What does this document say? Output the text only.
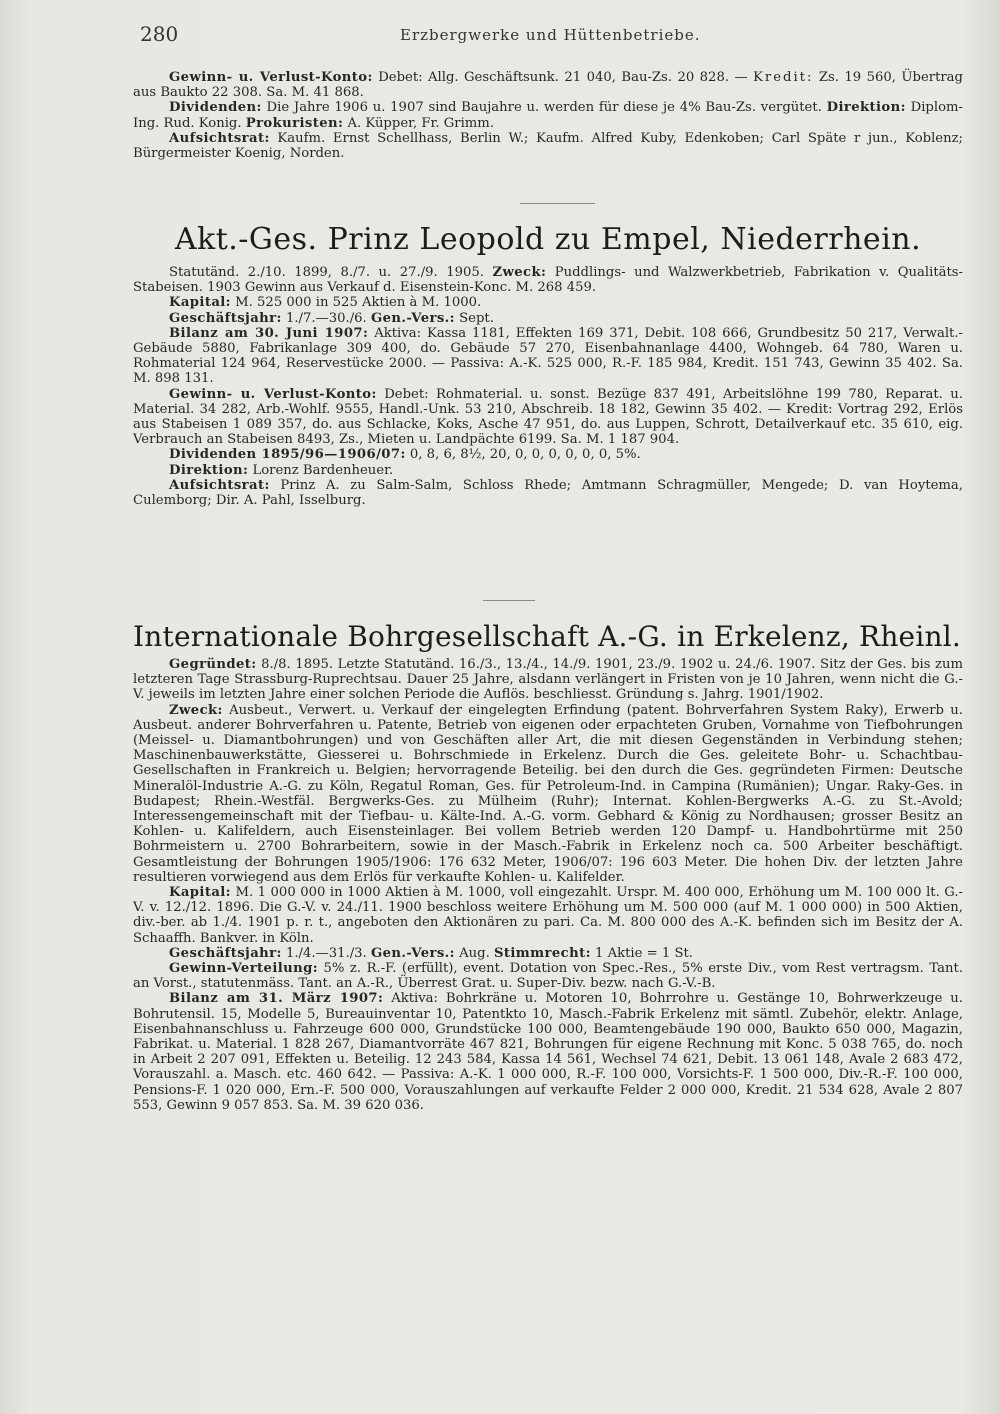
280	Erzbergwerke und Hüttenbetriebe.

Gewinn- u. Verlust-Konto: Debet: Allg. Geschäftsunk. 21 040, Bau-Zs. 20 828. — Kredit: Zs. 19 560, Übertrag aus Baukto 22 308. Sa. M. 41 868.

Dividenden: Die Jahre 1906 u. 1907 sind Baujahre u. werden für diese je 4% Bau-Zs. vergütet. Direktion: Diplom-Ing. Rud. Konig. Prokuristen: A. Küpper, Fr. Grimm.

Aufsichtsrat: Kaufm. Ernst Schellhass, Berlin W.; Kaufm. Alfred Kuby, Edenkoben; Carl Späte r jun., Koblenz; Bürgermeister Koenig, Norden.

Akt.-Ges. Prinz Leopold zu Empel, Niederrhein.

Statutänd. 2./10. 1899, 8./7. u. 27./9. 1905. Zweck: Puddlings- und Walzwerkbetrieb, Fabrikation v. Qualitäts-Stabeisen. 1903 Gewinn aus Verkauf d. Eisenstein-Konc. M. 268 459.

Kapital: M. 525 000 in 525 Aktien à M. 1000.

Geschäftsjahr: 1./7.—30./6. Gen.-Vers.: Sept.

Bilanz am 30. Juni 1907: Aktiva: Kassa 1181, Effekten 169 371, Debit. 108 666, Grundbesitz 50 217, Verwalt.-Gebäude 5880, Fabrikanlage 309 400, do. Gebäude 57 270, Eisenbahnanlage 4400, Wohngeb. 64 780, Waren u. Rohmaterial 124 964, Reservestücke 2000. — Passiva: A.-K. 525 000, R.-F. 185 984, Kredit. 151 743, Gewinn 35 402. Sa. M. 898 131.

Gewinn- u. Verlust-Konto: Debet: Rohmaterial. u. sonst. Bezüge 837 491, Arbeitslöhne 199 780, Reparat. u. Material. 34 282, Arb.-Wohlf. 9555, Handl.-Unk. 53 210, Abschreib. 18 182, Gewinn 35 402. — Kredit: Vortrag 292, Erlös aus Stabeisen 1 089 357, do. aus Schlacke, Koks, Asche 47 951, do. aus Luppen, Schrott, Detailverkauf etc. 35 610, eig. Verbrauch an Stabeisen 8493, Zs., Mieten u. Landpächte 6199. Sa. M. 1 187 904.

Dividenden 1895/96—1906/07: 0, 8, 6, 8½, 20, 0, 0, 0, 0, 0, 0, 5%.

Direktion: Lorenz Bardenheuer.

Aufsichtsrat: Prinz A. zu Salm-Salm, Schloss Rhede; Amtmann Schragmüller, Mengede; D. van Hoytema, Culemborg; Dir. A. Pahl, Isselburg.

Internationale Bohrgesellschaft A.-G. in Erkelenz, Rheinl.

Gegründet: 8./8. 1895. Letzte Statutänd. 16./3., 13./4., 14./9. 1901, 23./9. 1902 u. 24./6. 1907. Sitz der Ges. bis zum letzteren Tage Strassburg-Ruprechtsau. Dauer 25 Jahre, alsdann verlängert in Fristen von je 10 Jahren, wenn nicht die G.-V. jeweils im letzten Jahre einer solchen Periode die Auflös. beschliesst. Gründung s. Jahrg. 1901/1902.

Zweck: Ausbeut., Verwert. u. Verkauf der eingelegten Erfindung (patent. Bohrverfahren System Raky), Erwerb u. Ausbeut. anderer Bohrverfahren u. Patente, Betrieb von eigenen oder erpachteten Gruben, Vornahme von Tiefbohrungen (Meissel- u. Diamantbohrungen) und von Geschäften aller Art, die mit diesen Gegenständen in Verbindung stehen; Maschinenbauwerkstätte, Giesserei u. Bohrschmiede in Erkelenz. Durch die Ges. geleitete Bohr- u. Schachtbau-Gesellschaften in Frankreich u. Belgien; hervorragende Beteilig. bei den durch die Ges. gegründeten Firmen: Deutsche Mineralöl-Industrie A.-G. zu Köln, Regatul Roman, Ges. für Petroleum-Ind. in Campina (Rumänien); Ungar. Raky-Ges. in Budapest; Rhein.-Westfäl. Bergwerks-Ges. zu Mülheim (Ruhr); Internat. Kohlen-Bergwerks A.-G. zu St.-Avold; Interessengemeinschaft mit der Tiefbau- u. Kälte-Ind. A.-G. vorm. Gebhard & König zu Nordhausen; grosser Besitz an Kohlen- u. Kalifeldern, auch Eisensteinlager. Bei vollem Betrieb werden 120 Dampf- u. Handbohrtürme mit 250 Bohrmeistern u. 2700 Bohrarbeitern, sowie in der Masch.-Fabrik in Erkelenz noch ca. 500 Arbeiter beschäftigt. Gesamtleistung der Bohrungen 1905/1906: 176 632 Meter, 1906/07: 196 603 Meter. Die hohen Div. der letzten Jahre resultieren vorwiegend aus dem Erlös für verkaufte Kohlen- u. Kalifelder.

Kapital: M. 1 000 000 in 1000 Aktien à M. 1000, voll eingezahlt. Urspr. M. 400 000, Erhöhung um M. 100 000 lt. G.-V. v. 12./12. 1896. Die G.-V. v. 24./11. 1900 beschloss weitere Erhöhung um M. 500 000 (auf M. 1 000 000) in 500 Aktien, div.-ber. ab 1./4. 1901 p. r. t., angeboten den Aktionären zu pari. Ca. M. 800 000 des A.-K. befinden sich im Besitz der A. Schaaffh. Bankver. in Köln.

Geschäftsjahr: 1./4.—31./3. Gen.-Vers.: Aug. Stimmrecht: 1 Aktie = 1 St.

Gewinn-Verteilung: 5% z. R.-F. (erfüllt), event. Dotation von Spec.-Res., 5% erste Div., vom Rest vertragsm. Tant. an Vorst., statutenmäss. Tant. an A.-R., Überrest Grat. u. Super-Div. bezw. nach G.-V.-B.

Bilanz am 31. März 1907: Aktiva: Bohrkräne u. Motoren 10, Bohrrohre u. Gestänge 10, Bohrwerkzeuge u. Bohrutensil. 15, Modelle 5, Bureauinventar 10, Patentkto 10, Masch.-Fabrik Erkelenz mit sämtl. Zubehör, elektr. Anlage, Eisenbahnanschluss u. Fahrzeuge 600 000, Grundstücke 100 000, Beamtengebäude 190 000, Baukto 650 000, Magazin, Fabrikat. u. Material. 1 828 267, Diamantvorräte 467 821, Bohrungen für eigene Rechnung mit Konc. 5 038 765, do. noch in Arbeit 2 207 091, Effekten u. Beteilig. 12 243 584, Kassa 14 561, Wechsel 74 621, Debit. 13 061 148, Avale 2 683 472, Vorauszahl. a. Masch. etc. 460 642. — Passiva: A.-K. 1 000 000, R.-F. 100 000, Vorsichts-F. 1 500 000, Div.-R.-F. 100 000, Pensions-F. 1 020 000, Ern.-F. 500 000, Vorauszahlungen auf verkaufte Felder 2 000 000, Kredit. 21 534 628, Avale 2 807 553, Gewinn 9 057 853. Sa. M. 39 620 036.
